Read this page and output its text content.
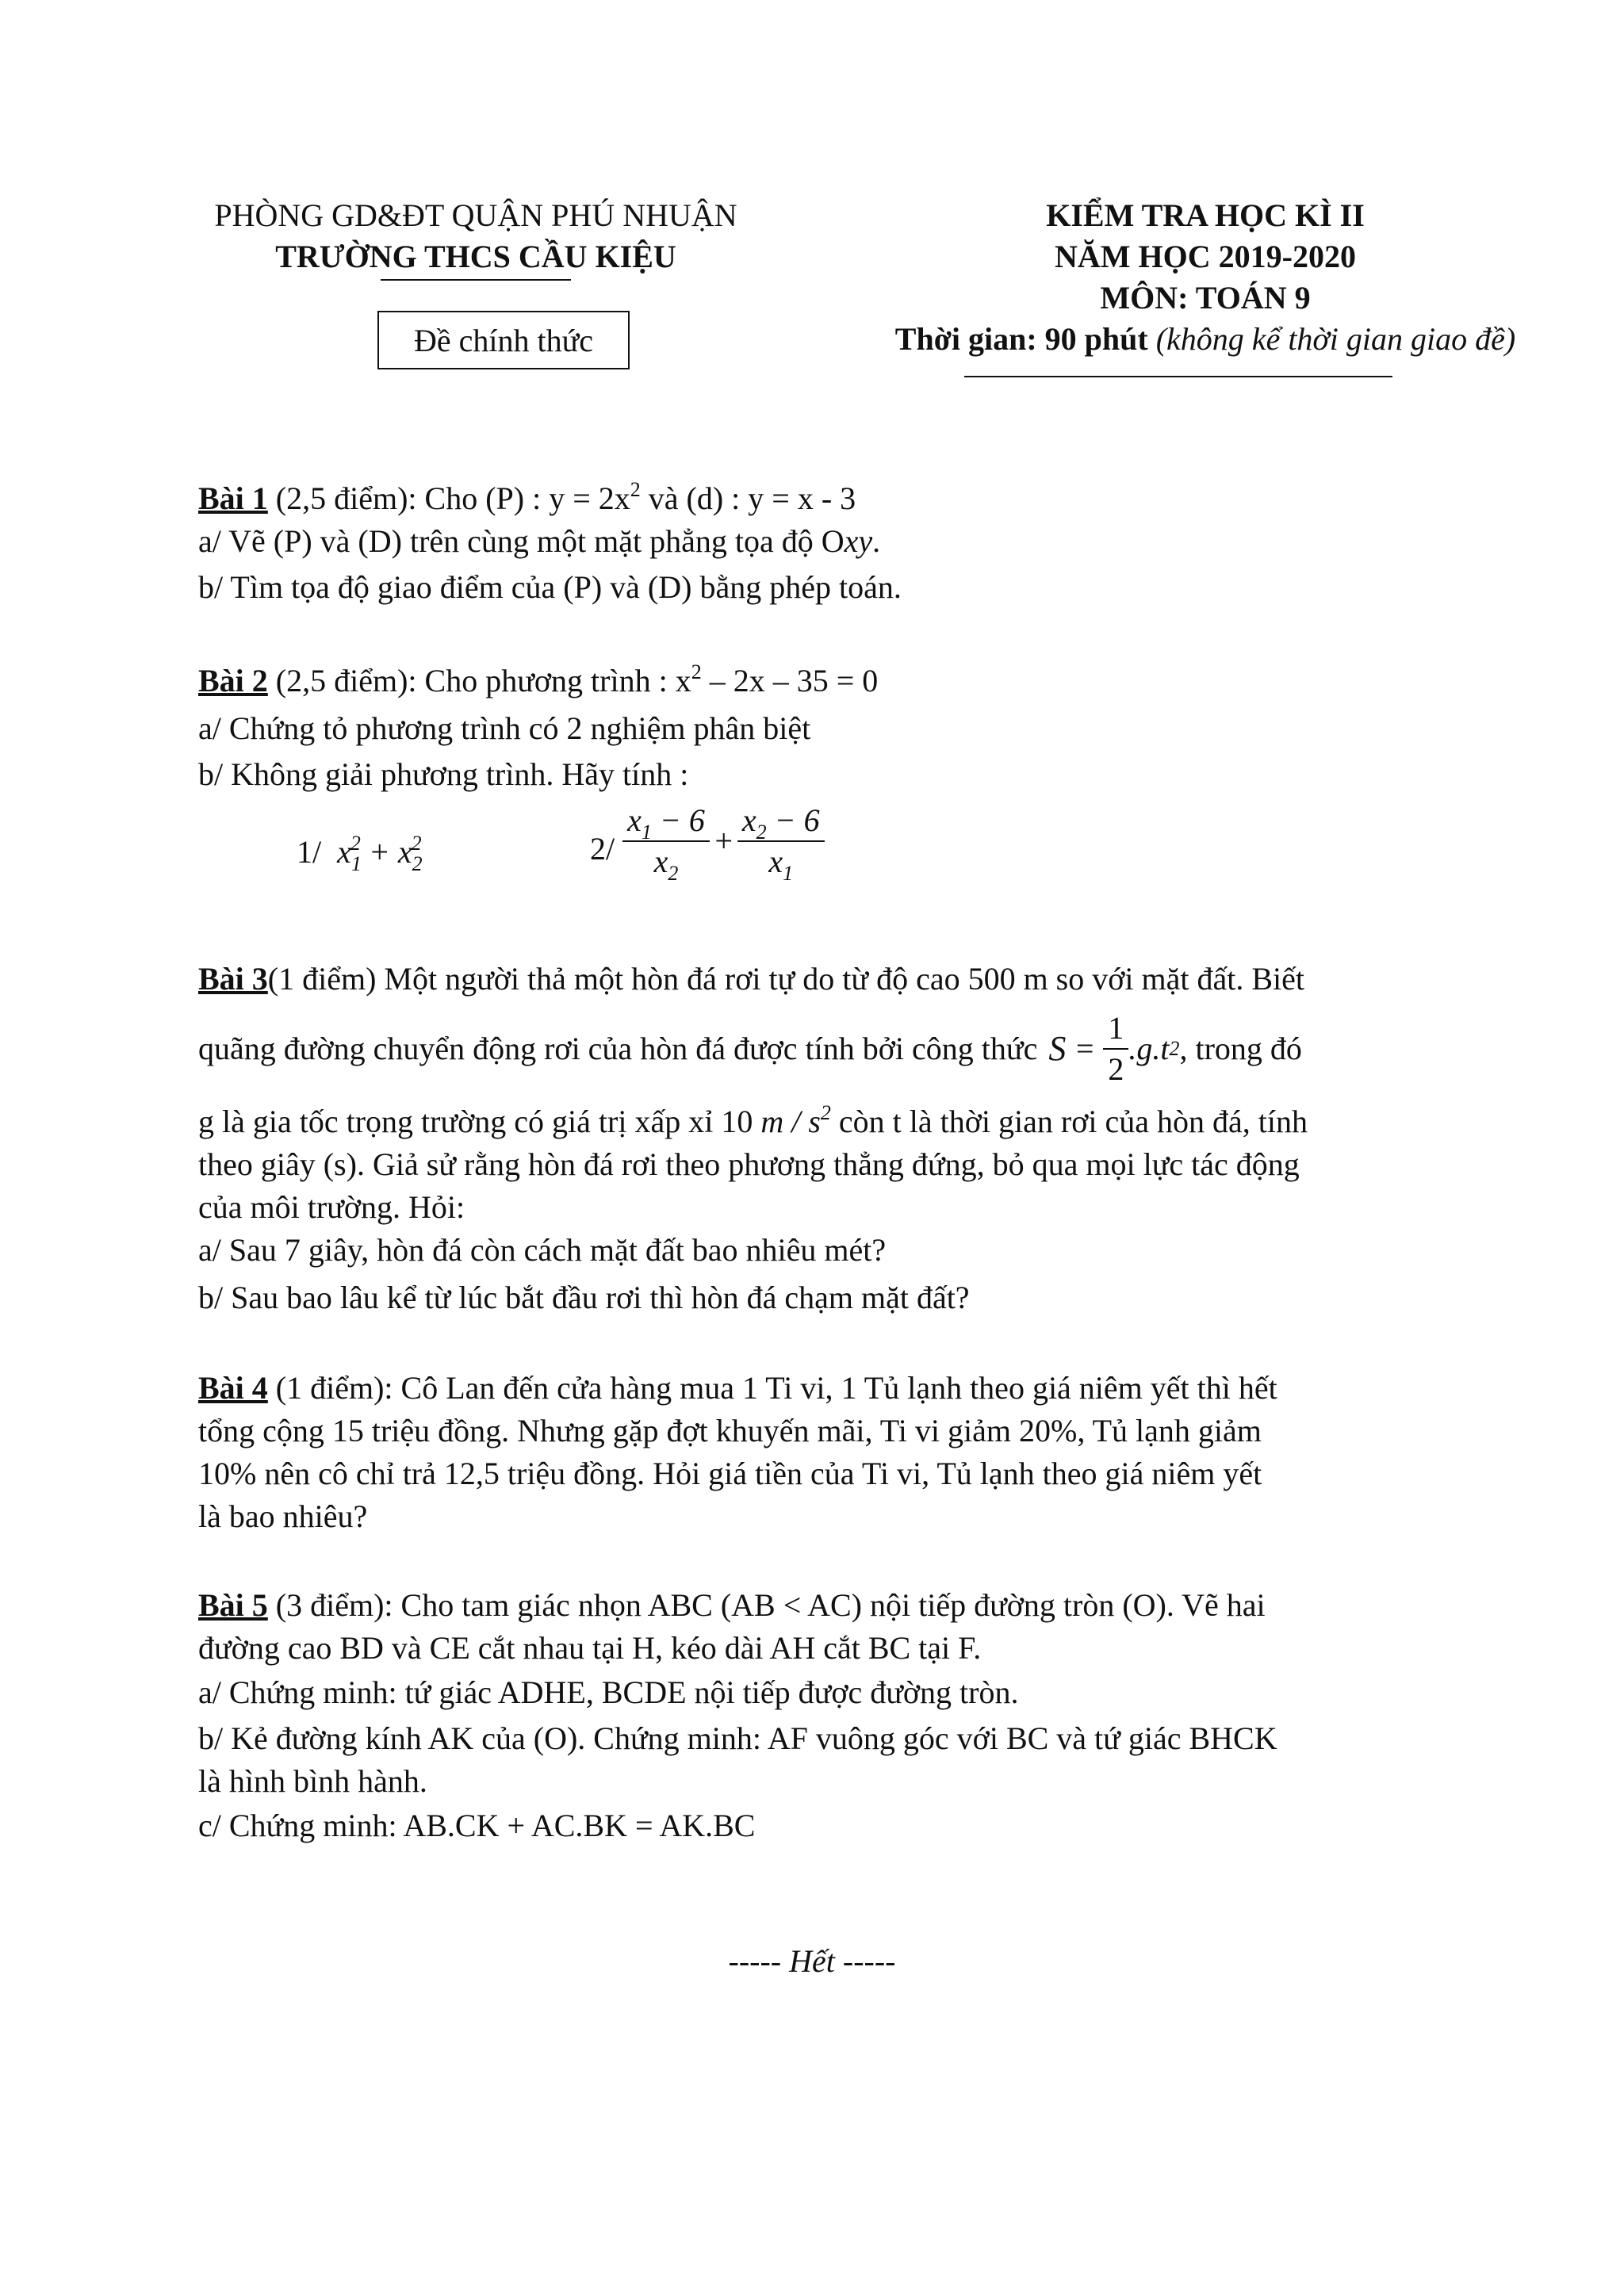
PHÒNG GD&ĐT QUẬN PHÚ NHUẬN
TRƯỜNG THCS CẦU KIỆU
Đề chính thức
KIỂM TRA HỌC KÌ II
NĂM HỌC 2019-2020
MÔN: TOÁN 9
Thời gian: 90 phút (không kể thời gian giao đề)
Bài 1 (2,5 điểm): Cho (P) : $y = 2x^2$ và (d) : y = x - 3
a/ Vẽ (P) và (D) trên cùng một mặt phẳng tọa độ Oxy.
b/ Tìm tọa độ giao điểm của (P) và (D) bằng phép toán.
Bài 2 (2,5 điểm): Cho phương trình : $x^2 - 2x - 35 = 0$
a/ Chứng tỏ phương trình có 2 nghiệm phân biệt
b/ Không giải phương trình. Hãy tính :
1/  $x_1^2 + x_2^2$	$2/ \frac{x_1 - 6}{x_2} + \frac{x_2 - 6}{x_1}$
Bài 3(1 điểm) Một người thả một hòn đá rơi tự do từ độ cao 500 m so với mặt đất. Biết
quãng đường chuyển động rơi của hòn đá được tính bởi công thức $S = \frac{1}{2} .g.t$ 2 , trong đó
g là gia tốc trọng trường có giá trị xấp xỉ 10 m / $s^2$ còn t là thời gian rơi của hòn đá, tính
theo giây (s). Giả sử rằng hòn đá rơi theo phương thẳng đứng, bỏ qua mọi lực tác động
của môi trường. Hỏi:
a/ Sau 7 giây, hòn đá còn cách mặt đất bao nhiêu mét?
b/ Sau bao lâu kể từ lúc bắt đầu rơi thì hòn đá chạm mặt đất?
Bài 4 (1 điểm): Cô Lan đến cửa hàng mua 1 Ti vi, 1 Tủ lạnh theo giá niêm yết thì hết
tổng cộng 15 triệu đồng. Nhưng gặp đợt khuyến mãi, Ti vi giảm 20%, Tủ lạnh giảm
10% nên cô chỉ trả 12,5 triệu đồng. Hỏi giá tiền của Ti vi, Tủ lạnh theo giá niêm yết
là bao nhiêu?
Bài 5 (3 điểm): Cho tam giác nhọn ABC (AB < AC) nội tiếp đường tròn (O). Vẽ hai
đường cao BD và CE cắt nhau tại H, kéo dài AH cắt BC tại F.
a/ Chứng minh: tứ giác ADHE, BCDE nội tiếp được đường tròn.
b/ Kẻ đường kính AK của (O). Chứng minh: AF vuông góc với BC và tứ giác BHCK
là hình bình hành.
c/ Chứng minh: AB.CK + AC.BK = AK.BC
----- Hết -----
